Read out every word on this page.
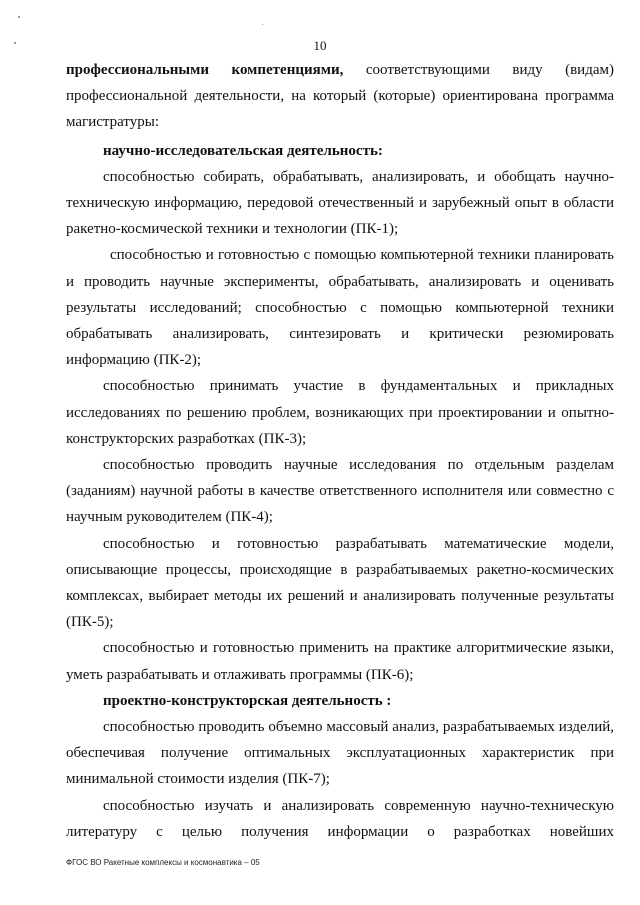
10

профессиональными компетенциями, соответствующими виду (видам) профессиональной деятельности, на который (которые) ориентирована программа магистратуры:

научно-исследовательская деятельность:

способностью собирать, обрабатывать, анализировать, и обобщать научно-техническую информацию, передовой отечественный и зарубежный опыт в области ракетно-космической техники и технологии (ПК-1);

способностью и готовностью с помощью компьютерной техники планировать и проводить научные эксперименты, обрабатывать, анализировать и оценивать результаты исследований; способностью с помощью компьютерной техники обрабатывать анализировать, синтезировать и критически резюмировать информацию (ПК-2);

способностью принимать участие в фундаментальных и прикладных исследованиях по решению проблем, возникающих при проектировании и опытно-конструкторских разработках (ПК-3);

способностью проводить научные исследования по отдельным разделам (заданиям) научной работы в качестве ответственного исполнителя или совместно с научным руководителем (ПК-4);

способностью и готовностью разрабатывать математические модели, описывающие процессы, происходящие в разрабатываемых ракетно-космических комплексах, выбирает методы их решений и анализировать полученные результаты (ПК-5);

способностью и готовностью применить на практике алгоритмические языки, уметь разрабатывать и отлаживать программы (ПК-6);

проектно-конструкторская деятельность :

способностью проводить объемно массовый анализ, разрабатываемых изделий, обеспечивая получение оптимальных эксплуатационных характеристик при минимальной стоимости изделия (ПК-7);

способностью изучать и анализировать современную научно-техническую литературу с целью получения информации о разработках новейших

ФГОС ВО Ракетные комплексы и космонавтика – 05
